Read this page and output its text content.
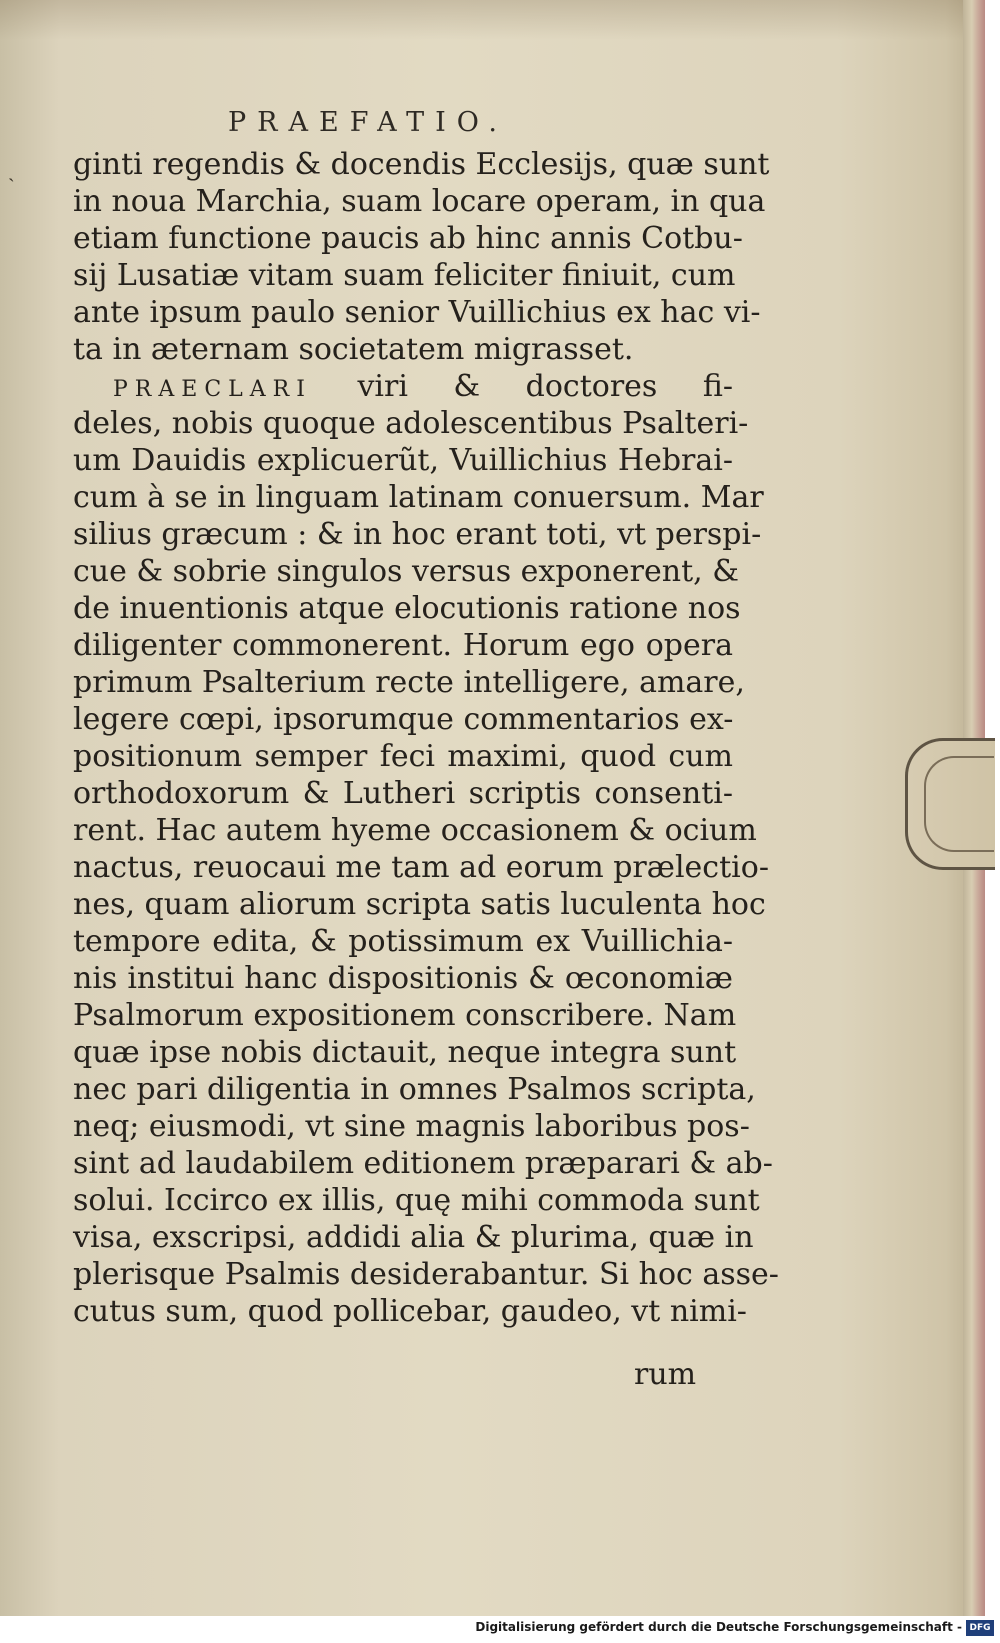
ˎ
PRAEFATIO.
ginti regendis & docendis Ecclesijs, quæ sunt
in noua Marchia, suam locare operam, in qua
etiam functione paucis ab hinc annis Cotbu-
sij Lusatiæ vitam suam feliciter finiuit, cum
ante ipsum paulo senior Vuillichius ex hac vi-
ta in æternam societatem migrasset.
PRAECLARI viri & doctores fi-
deles, nobis quoque adolescentibus Psalteri-
um Dauidis explicuerũt, Vuillichius Hebrai-
cum à se in linguam latinam conuersum. Mar
silius græcum : & in hoc erant toti, vt perspi-
cue & sobrie singulos versus exponerent, &
de inuentionis atque elocutionis ratione nos
diligenter commonerent. Horum ego opera
primum Psalterium recte intelligere, amare,
legere cœpi, ipsorumque commentarios ex-
positionum semper feci maximi, quod cum
orthodoxorum & Lutheri scriptis consenti-
rent. Hac autem hyeme occasionem & ocium
nactus, reuocaui me tam ad eorum prælectio-
nes, quam aliorum scripta satis luculenta hoc
tempore edita, & potissimum ex Vuillichia-
nis institui hanc dispositionis & œconomiæ
Psalmorum expositionem conscribere. Nam
quæ ipse nobis dictauit, neque integra sunt
nec pari diligentia in omnes Psalmos scripta,
neq; eiusmodi, vt sine magnis laboribus pos-
sint ad laudabilem editionem præparari & ab-
solui. Iccirco ex illis, quę mihi commoda sunt
visa, exscripsi, addidi alia & plurima, quæ in
plerisque Psalmis desiderabantur. Si hoc asse-
cutus sum, quod pollicebar, gaudeo, vt nimi-
rum
Digitalisierung gefördert durch die Deutsche Forschungsgemeinschaft - DFG
